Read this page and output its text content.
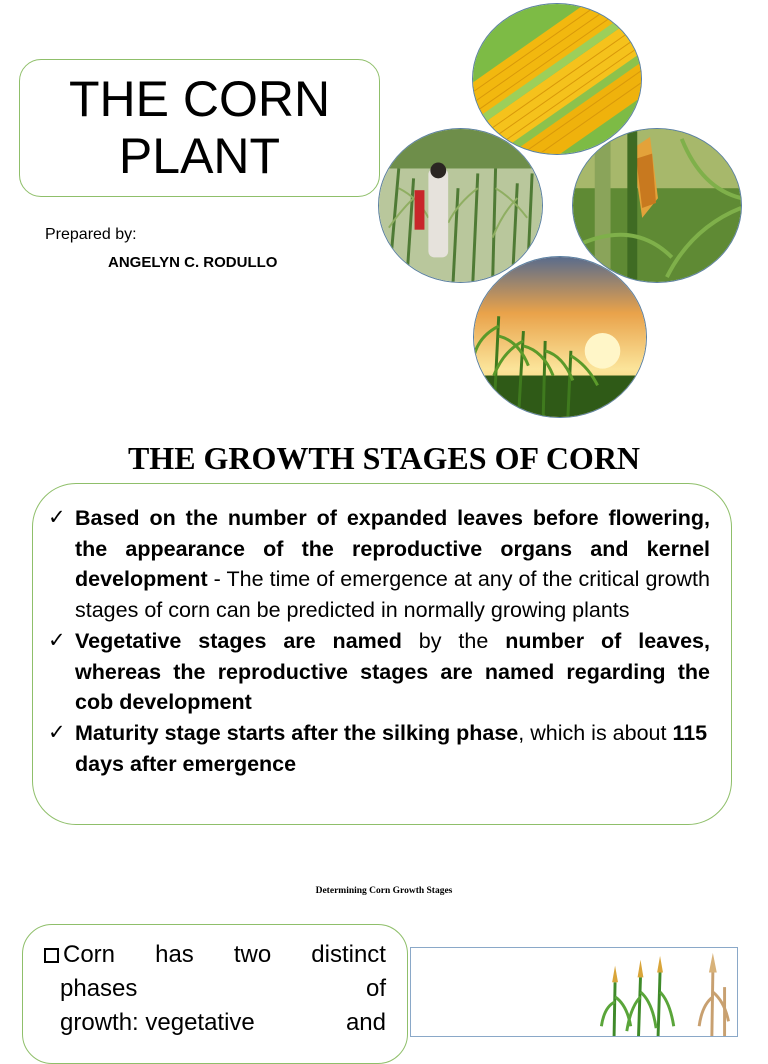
THE CORN
PLANT
Prepared by:
ANGELYN C. RODULLO
THE GROWTH STAGES OF CORN
✓ Based on the number of expanded leaves before flowering, the appearance of the reproductive organs and kernel development - The time of emergence at any of the critical growth stages of corn can be predicted in normally growing plants
✓ Vegetative stages are named by the number of leaves, whereas the reproductive stages are named regarding the cob development
✓ Maturity stage starts after the silking phase, which is about 115 days after emergence
Determining Corn Growth Stages
Corn has two distinct
phases	of
growth: vegetative	and
